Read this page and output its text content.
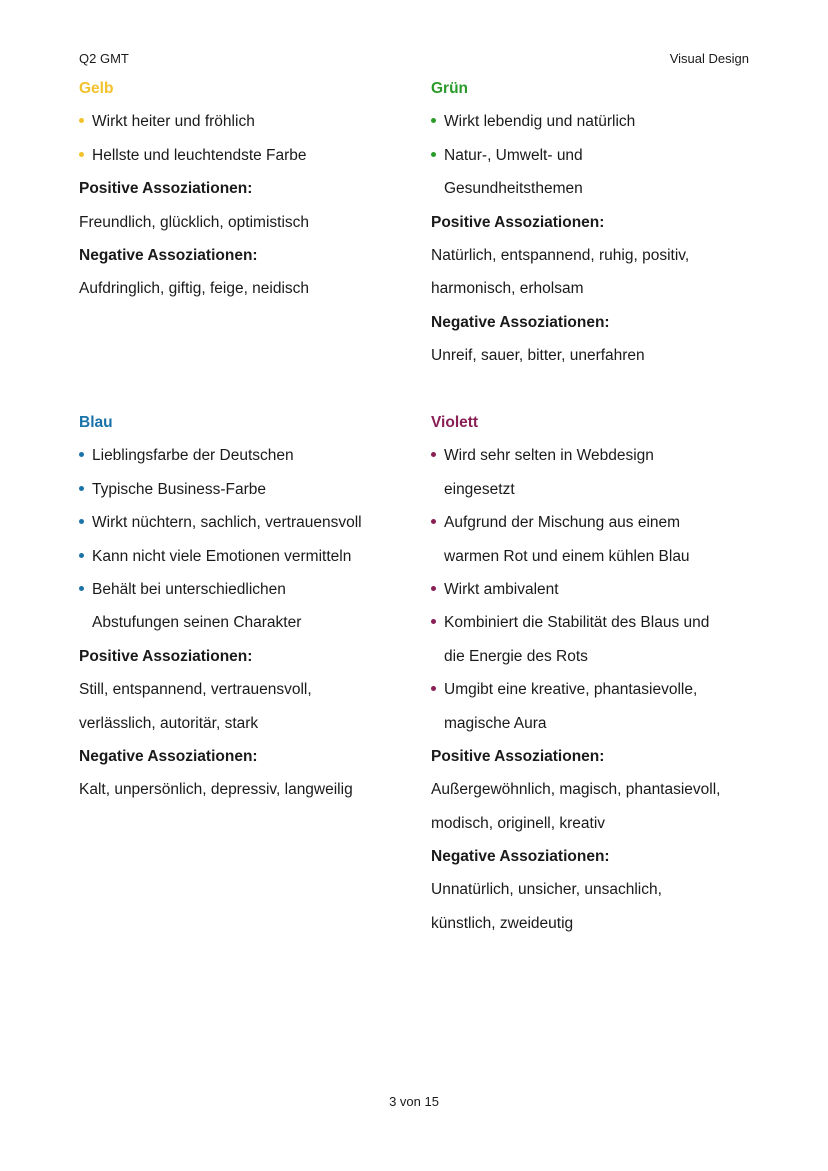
Q2 GMT	Visual Design
Gelb
Wirkt heiter und fröhlich
Hellste und leuchtendste Farbe
Positive Assoziationen:
Freundlich, glücklich, optimistisch
Negative Assoziationen:
Aufdringlich, giftig, feige, neidisch
Grün
Wirkt lebendig und natürlich
Natur-, Umwelt- und
Gesundheitsthemen
Positive Assoziationen:
Natürlich, entspannend, ruhig, positiv,
harmonisch, erholsam
Negative Assoziationen:
Unreif, sauer, bitter, unerfahren
Blau
Lieblingsfarbe der Deutschen
Typische Business-Farbe
Wirkt nüchtern, sachlich, vertrauensvoll
Kann nicht viele Emotionen vermitteln
Behält bei unterschiedlichen
Abstufungen seinen Charakter
Positive Assoziationen:
Still, entspannend, vertrauensvoll,
verlässlich, autoritär, stark
Negative Assoziationen:
Kalt, unpersönlich, depressiv, langweilig
Violett
Wird sehr selten in Webdesign
eingesetzt
Aufgrund der Mischung aus einem
warmen Rot und einem kühlen Blau
Wirkt ambivalent
Kombiniert die Stabilität des Blaus und
die Energie des Rots
Umgibt eine kreative, phantasievolle,
magische Aura
Positive Assoziationen:
Außergewöhnlich, magisch, phantasievoll,
modisch, originell, kreativ
Negative Assoziationen:
Unnatürlich, unsicher, unsachlich,
künstlich, zweideutig
3 von 15
